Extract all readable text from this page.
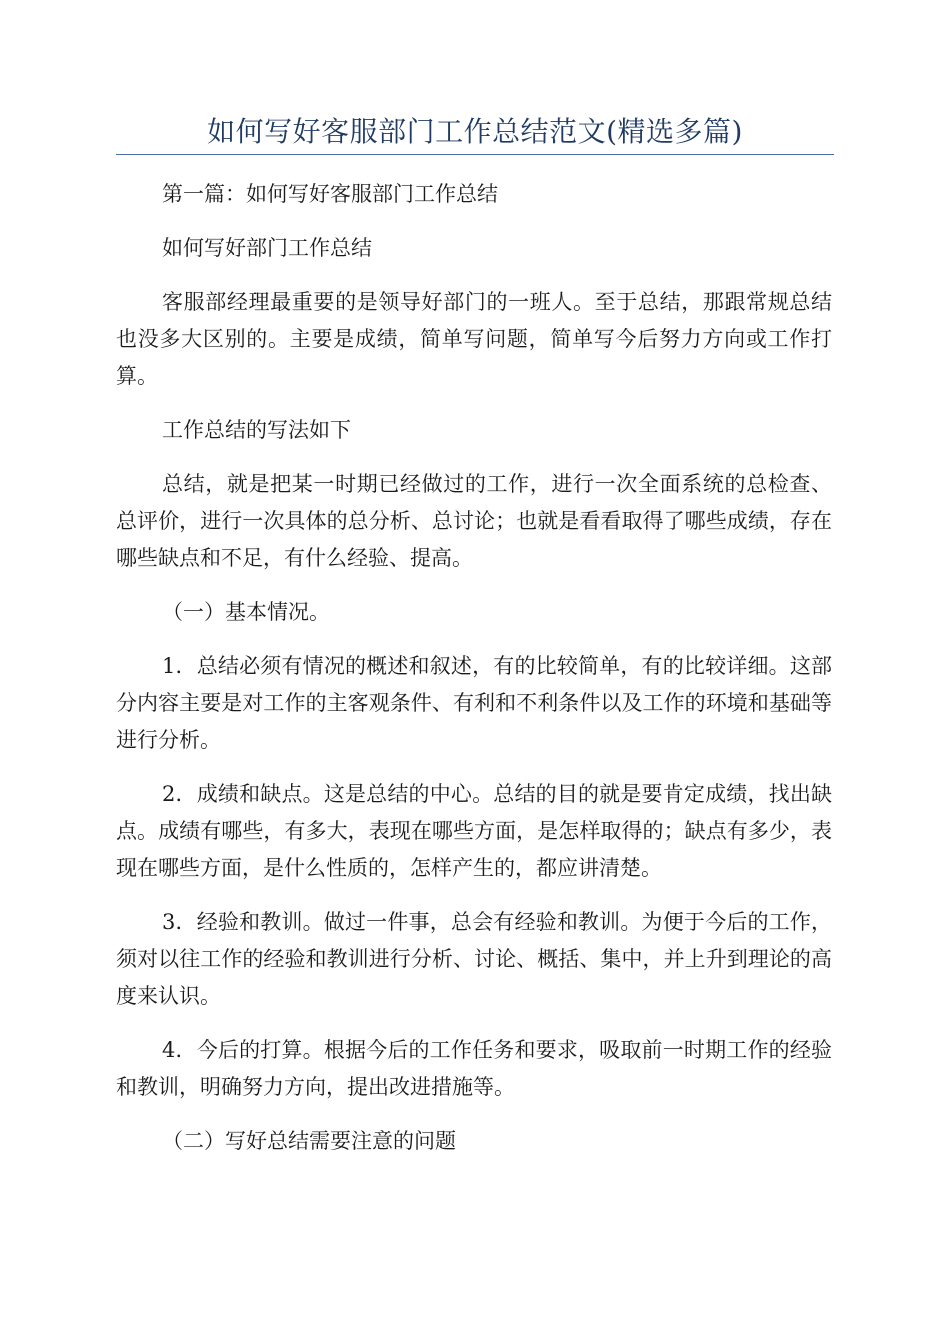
如何写好客服部门工作总结范文(精选多篇)

第一篇：如何写好客服部门工作总结

如何写好部门工作总结

客服部经理最重要的是领导好部门的一班人。至于总结，那跟常规总结也没多大区别的。主要是成绩，简单写问题，简单写今后努力方向或工作打算。

工作总结的写法如下

总结，就是把某一时期已经做过的工作，进行一次全面系统的总检查、总评价，进行一次具体的总分析、总讨论；也就是看看取得了哪些成绩，存在哪些缺点和不足，有什么经验、提高。

（一）基本情况。

1．总结必须有情况的概述和叙述，有的比较简单，有的比较详细。这部分内容主要是对工作的主客观条件、有利和不利条件以及工作的环境和基础等进行分析。

2．成绩和缺点。这是总结的中心。总结的目的就是要肯定成绩，找出缺点。成绩有哪些，有多大，表现在哪些方面，是怎样取得的；缺点有多少，表现在哪些方面，是什么性质的，怎样产生的，都应讲清楚。

3．经验和教训。做过一件事，总会有经验和教训。为便于今后的工作，须对以往工作的经验和教训进行分析、讨论、概括、集中，并上升到理论的高度来认识。

4．今后的打算。根据今后的工作任务和要求，吸取前一时期工作的经验和教训，明确努力方向，提出改进措施等。

（二）写好总结需要注意的问题
